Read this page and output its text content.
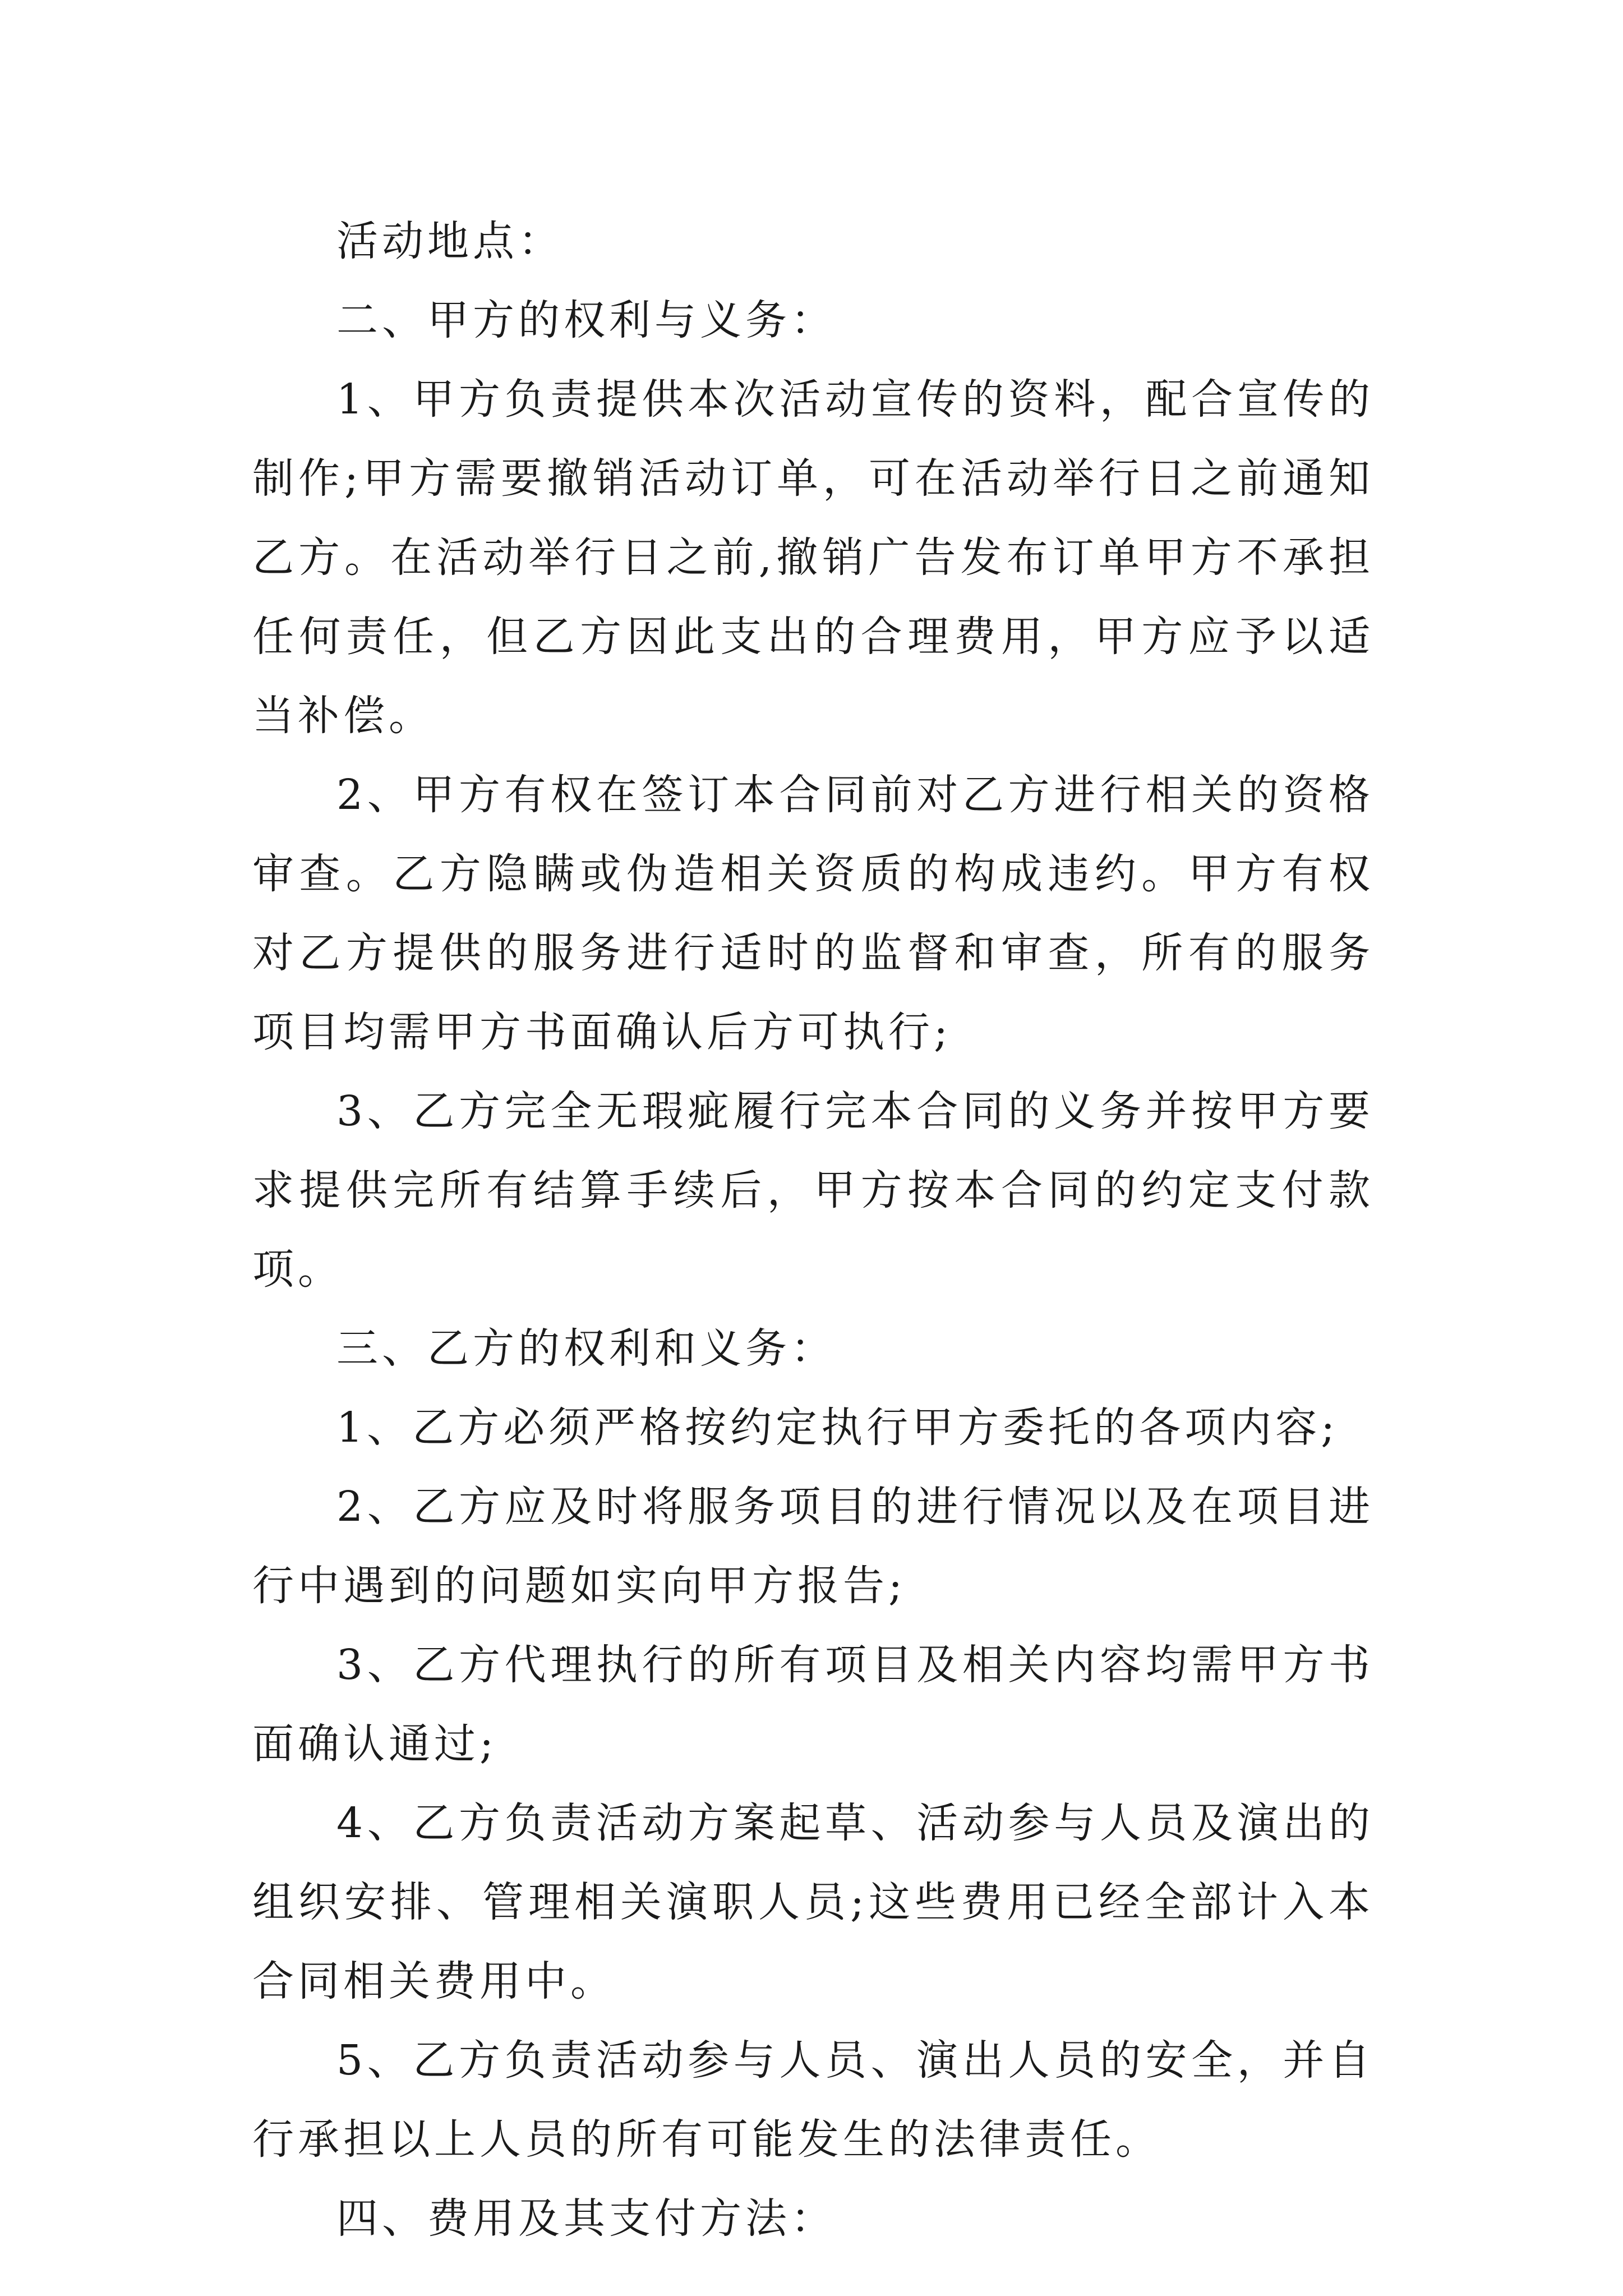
活动地点：

二、甲方的权利与义务：

1、甲方负责提供本次活动宣传的资料，配合宣传的制作;甲方需要撤销活动订单，可在活动举行日之前通知乙方。在活动举行日之前,撤销广告发布订单甲方不承担任何责任，但乙方因此支出的合理费用，甲方应予以适当补偿。

2、甲方有权在签订本合同前对乙方进行相关的资格审查。乙方隐瞒或伪造相关资质的构成违约。甲方有权对乙方提供的服务进行适时的监督和审查，所有的服务项目均需甲方书面确认后方可执行;

3、乙方完全无瑕疵履行完本合同的义务并按甲方要求提供完所有结算手续后，甲方按本合同的约定支付款项。

三、乙方的权利和义务：

1、乙方必须严格按约定执行甲方委托的各项内容;

2、乙方应及时将服务项目的进行情况以及在项目进行中遇到的问题如实向甲方报告;

3、乙方代理执行的所有项目及相关内容均需甲方书面确认通过;

4、乙方负责活动方案起草、活动参与人员及演出的组织安排、管理相关演职人员;这些费用已经全部计入本合同相关费用中。

5、乙方负责活动参与人员、演出人员的安全，并自行承担以上人员的所有可能发生的法律责任。

四、费用及其支付方法：
